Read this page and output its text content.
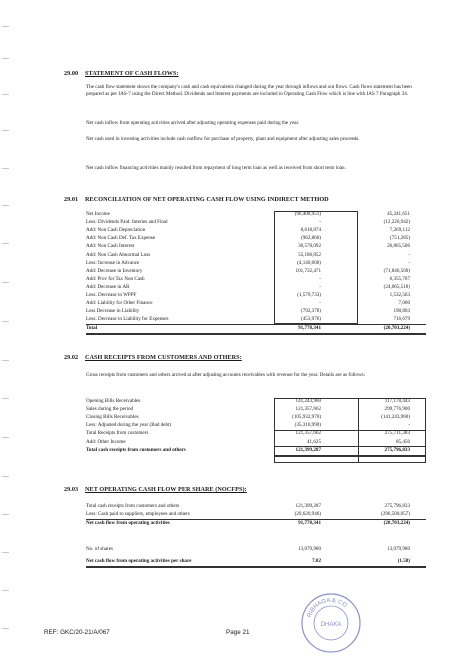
29.00 STATEMENT OF CASH FLOWS:
The cash flow statement shows the company's cash and cash equivalents changed during the year through inflows and out flows. Cash flows statement has been prepared as per IAS-7 using the Direct Method. Dividends and Interest payments are included in Operating Cash Flow which is line with IAS 7 Paragraph 34.
Net cash inflow from operating activities arrived after adjusting operating expenses paid during the year.
Net cash used in investing activities include cash outflow for purchase of property, plant and equipment after adjusting sales proceeds.
Net cash inflow financing activities mainly resulted from repayment of long term loan as well as received from short term loan.
29.01 RECONCILIATION OF NET OPERATING CASH FLOW USING INDIRECT METHOD
Net Income	(96,408,951)	45,241,651
Less: Dividends Paid: Interies and Final	-	(12,226,942)
Add: Non Cash Depreciation	8,618,874	7,269,112
Add: Non Cash Def. Tax Expense	(962,860)	(751,285)
Add: Non Cash Interest	30,578,092	26,865,506
Add: Non Cash Abnormal Loss	55,186,852	-
Less: Increase in Advance	(4,140,000)	-
Add: Decrease in Inventory	101,732,471	(71,846,560)
Add: Prov for Tax Non Cash	-	6,355,767
Add: Decrease in AR	-	(24,065,518)
Less: Decrease in WPPF	(1,579,733)	1,532,563
Add: Liability for Other Finance	-	7,000
Less Decrease in Liability	(792,378)	198,803
Less: Decrease in Liability for Expenses	(453,976)	716,679
Total	91,778,341	(20,703,224)
29.02 CASH RECEIPTS FROM CUSTOMERS AND OTHERS:
Gross receipts from customers and others arrived at after adjusting accounts receivables with revenue for the year. Details are as follows:
Opening Bills Receivables	141,243,960	117,178,443
Sales during the period	121,357,662	299,776,900
Closing Bills Receivables	(105,932,970)	(141,243,960)
Less: Adjusted during the year (Bad debt)	(35,310,990)	-
Total Receipts from customers	121,357,662	275,711,383
Add: Other Income	41,625	85,450
Total cash receipts from customers and others	121,399,287	275,796,833
29.03 NET OPERATING CASH FLOW PER SHARE (NOCFPS):
Total cash receipts from customers and others	121,399,287	275,796,833
Less: Cash paid to suppliers, employees and others	(29,620,946)	(296,500,057)
Net cash flow from operating activities	91,778,341	(20,703,224)
No. of shares	13,079,980	13,079,980
Net cash flow from operating activities per share	7.02	(1.58)
REF: GKC/20-21/A/067	Page 21
RIBHAGA & CO
DHAKA
